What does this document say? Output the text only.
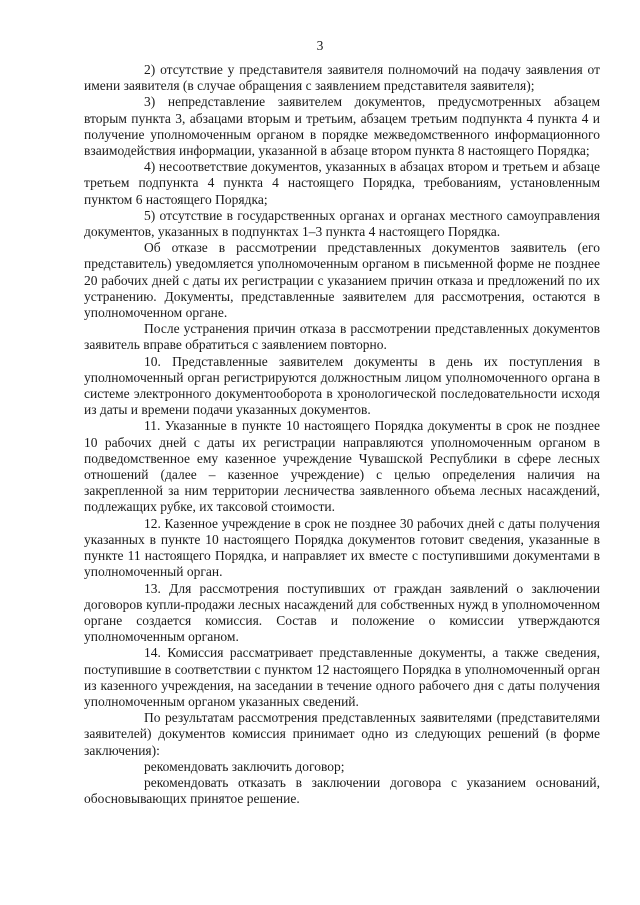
3

2) отсутствие у представителя заявителя полномочий на подачу заявления от имени заявителя (в случае обращения с заявлением представителя заявителя);

3) непредставление заявителем документов, предусмотренных абзацем вторым пункта 3, абзацами вторым и третьим, абзацем третьим подпункта 4 пункта 4 и получение уполномоченным органом в порядке межведомственного информационного взаимодействия информации, указанной в абзаце втором пункта 8 настоящего Порядка;

4) несоответствие документов, указанных в абзацах втором и третьем и абзаце третьем подпункта 4 пункта 4 настоящего Порядка, требованиям, установленным пунктом 6 настоящего Порядка;

5) отсутствие в государственных органах и органах местного самоуправления документов, указанных в подпунктах 1–3 пункта 4 настоящего Порядка.

Об отказе в рассмотрении представленных документов заявитель (его представитель) уведомляется уполномоченным органом в письменной форме не позднее 20 рабочих дней с даты их регистрации с указанием причин отказа и предложений по их устранению. Документы, представленные заявителем для рассмотрения, остаются в уполномоченном органе.

После устранения причин отказа в рассмотрении представленных документов заявитель вправе обратиться с заявлением повторно.

10. Представленные заявителем документы в день их поступления в уполномоченный орган регистрируются должностным лицом уполномоченного органа в системе электронного документооборота в хронологической последовательности исходя из даты и времени подачи указанных документов.

11. Указанные в пункте 10 настоящего Порядка документы в срок не позднее 10 рабочих дней с даты их регистрации направляются уполномоченным органом в подведомственное ему казенное учреждение Чувашской Республики в сфере лесных отношений (далее – казенное учреждение) с целью определения наличия на закрепленной за ним территории лесничества заявленного объема лесных насаждений, подлежащих рубке, их таксовой стоимости.

12. Казенное учреждение в срок не позднее 30 рабочих дней с даты получения указанных в пункте 10 настоящего Порядка документов готовит сведения, указанные в пункте 11 настоящего Порядка, и направляет их вместе с поступившими документами в уполномоченный орган.

13. Для рассмотрения поступивших от граждан заявлений о заключении договоров купли-продажи лесных насаждений для собственных нужд в уполномоченном органе создается комиссия. Состав и положение о комиссии утверждаются уполномоченным органом.

14. Комиссия рассматривает представленные документы, а также сведения, поступившие в соответствии с пунктом 12 настоящего Порядка в уполномоченный орган из казенного учреждения, на заседании в течение одного рабочего дня с даты получения уполномоченным органом указанных сведений.

По результатам рассмотрения представленных заявителями (представителями заявителей) документов комиссия принимает одно из следующих решений (в форме заключения):

рекомендовать заключить договор;

рекомендовать отказать в заключении договора с указанием оснований, обосновывающих принятое решение.
